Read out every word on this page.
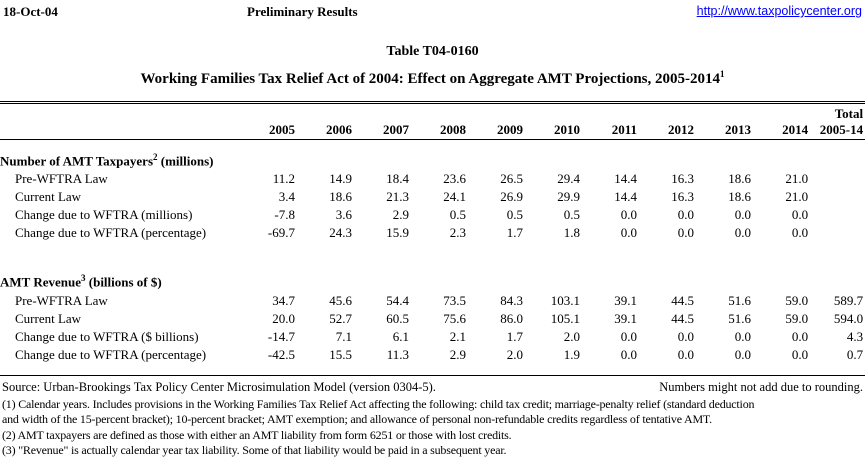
18-Oct-04	Preliminary Results	http://www.taxpolicycenter.org
Table T04-0160
Working Families Tax Relief Act of 2004: Effect on Aggregate AMT Projections, 2005-2014$^1$
											Total
	2005	2006	2007	2008	2009	2010	2011	2012	2013	2014	2005-14
Number of AMT Taxpayers$^2$ (millions)											
Pre-WFTRA Law	11.2	14.9	18.4	23.6	26.5	29.4	14.4	16.3	18.6	21.0	
Current Law	3.4	18.6	21.3	24.1	26.9	29.9	14.4	16.3	18.6	21.0	
Change due to WFTRA (millions)	-7.8	3.6	2.9	0.5	0.5	0.5	0.0	0.0	0.0	0.0	
Change due to WFTRA (percentage)	-69.7	24.3	15.9	2.3	1.7	1.8	0.0	0.0	0.0	0.0	

AMT Revenue$^3$ (billions of $)											
Pre-WFTRA Law	34.7	45.6	54.4	73.5	84.3	103.1	39.1	44.5	51.6	59.0	589.7
Current Law	20.0	52.7	60.5	75.6	86.0	105.1	39.1	44.5	51.6	59.0	594.0
Change due to WFTRA ($ billions)	-14.7	7.1	6.1	2.1	1.7	2.0	0.0	0.0	0.0	0.0	4.3
Change due to WFTRA (percentage)	-42.5	15.5	11.3	2.9	2.0	1.9	0.0	0.0	0.0	0.0	0.7

Source: Urban-Brookings Tax Policy Center Microsimulation Model (version 0304-5).	Numbers might not add due to rounding.
(1) Calendar years. Includes provisions in the Working Families Tax Relief Act affecting the following: child tax credit; marriage-penalty relief (standard deduction
and width of the 15-percent bracket); 10-percent bracket; AMT exemption; and allowance of personal non-refundable credits regardless of tentative AMT.
(2) AMT taxpayers are defined as those with either an AMT liability from form 6251 or those with lost credits.
(3) "Revenue" is actually calendar year tax liability. Some of that liability would be paid in a subsequent year.
